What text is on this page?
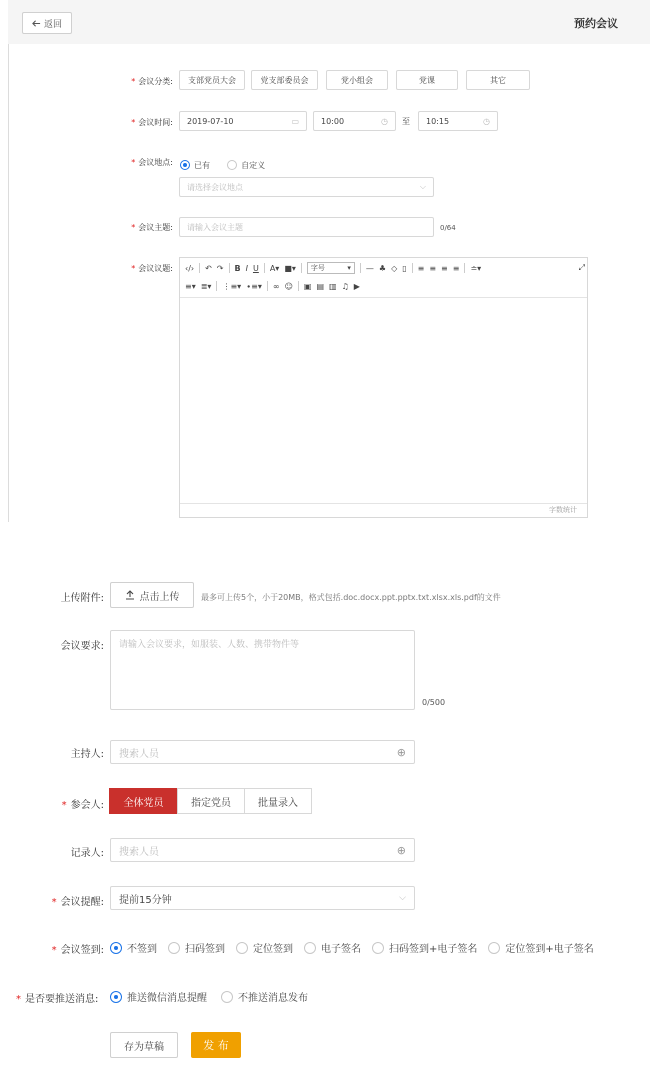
返回	预约会议
* 会议分类:	支部党员大会	党支部委员会	党小组会	党课	其它
* 会议时间: 2019-07-10	▭	10:00	◷ 至 10:15	◷
* 会议地点:	已有
	自定义
请选择会议地点	⌵
* 会议主题: 请输入会议主题	0/64
* 会议议题: ‹/› ↶ ↷ B I U A▾ ■▾ 字号	▾ — ♣ ◇ ▯ ≡ ≡ ≡ ≡ ≐▾	⤢
≡▾ ≣▾ ⋮≡▾ ∙≡▾ ∞ ☺ ▣ ▤ ▥ ♫ ▶
字数统计
上传附件:	点击上传	最多可上传5个，小于20MB，格式包括.doc.docx.ppt.pptx.txt.xlsx.xls.pdf的文件
会议要求:	请输入会议要求，如服装、人数、携带物件等
0/500
主持人: 搜索人员	⊕
* 参会人:	全体党员	指定党员	批量录入
记录人: 搜索人员	⊕
* 会议提醒: 提前15分钟	⌵
* 会议签到: 不签到	扫码签到	定位签到	电子签名	扫码签到+电子签名	定位签到+电子签名
* 是否要推送消息:	推送微信消息提醒	不推送消息发布
存为草稿	发 布
